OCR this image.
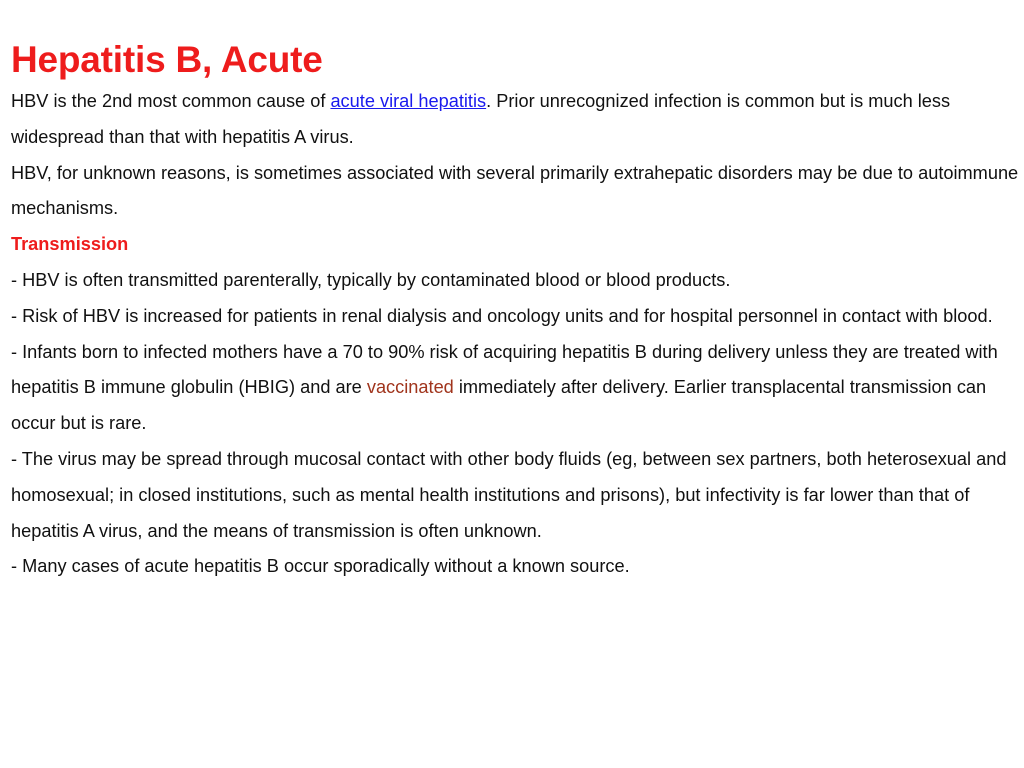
Hepatitis B, Acute

HBV is the 2nd most common cause of acute viral hepatitis. Prior unrecognized infection is common but is much less widespread than that with hepatitis A virus.

HBV, for unknown reasons, is sometimes associated with several primarily extrahepatic disorders may be due to autoimmune mechanisms.

Transmission

- HBV is often transmitted parenterally, typically by contaminated blood or blood products.

- Risk of HBV is increased for patients in renal dialysis and oncology units and for hospital personnel in contact with blood.

- Infants born to infected mothers have a 70 to 90% risk of acquiring hepatitis B during delivery unless they are treated with hepatitis B immune globulin (HBIG) and are vaccinated immediately after delivery. Earlier transplacental transmission can occur but is rare.

- The virus may be spread through mucosal contact with other body fluids (eg, between sex partners, both heterosexual and homosexual; in closed institutions, such as mental health institutions and prisons), but infectivity is far lower than that of hepatitis A virus, and the means of transmission is often unknown.

- Many cases of acute hepatitis B occur sporadically without a known source.
